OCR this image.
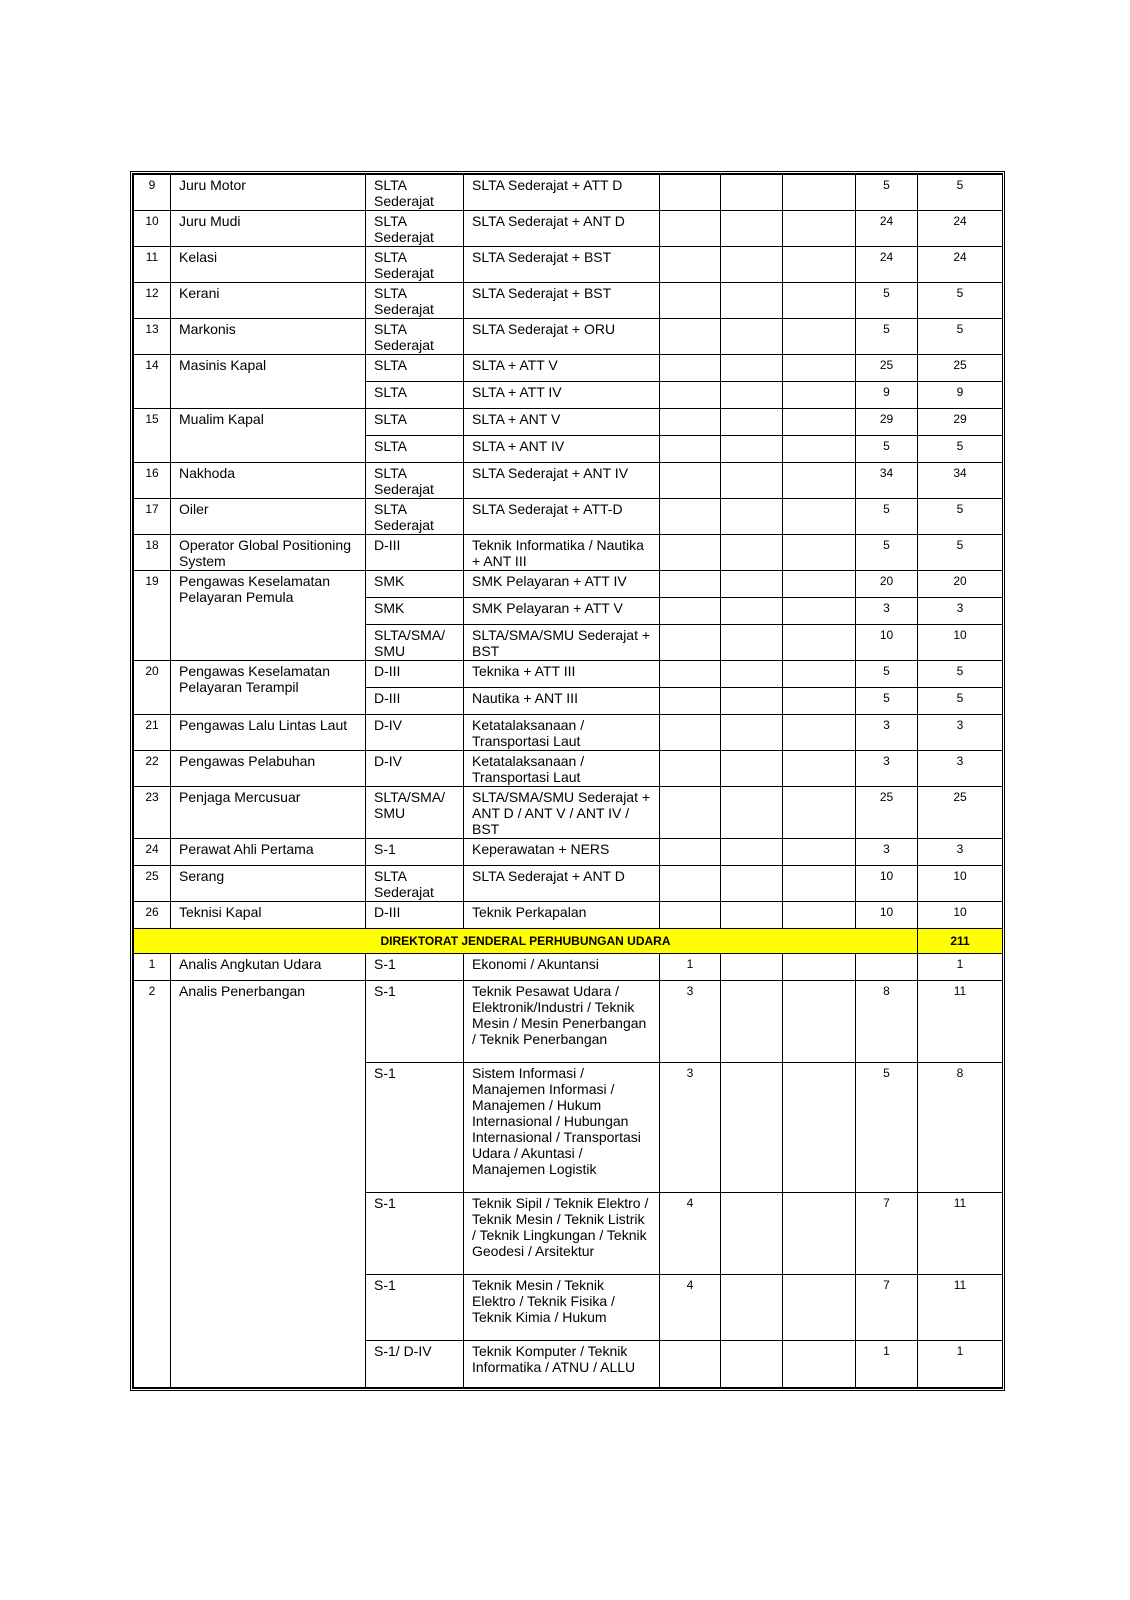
9	Juru Motor	SLTA Sederajat	SLTA Sederajat + ATT D				5	5
10	Juru Mudi	SLTA Sederajat	SLTA Sederajat + ANT D				24	24
11	Kelasi	SLTA Sederajat	SLTA Sederajat + BST				24	24
12	Kerani	SLTA Sederajat	SLTA Sederajat + BST				5	5
13	Markonis	SLTA Sederajat	SLTA Sederajat + ORU				5	5
14	Masinis Kapal	SLTA	SLTA + ATT V				25	25
		SLTA	SLTA + ATT IV				9	9
15	Mualim Kapal	SLTA	SLTA + ANT V				29	29
		SLTA	SLTA + ANT IV				5	5
16	Nakhoda	SLTA Sederajat	SLTA Sederajat + ANT IV				34	34
17	Oiler	SLTA Sederajat	SLTA Sederajat + ATT-D				5	5
18	Operator Global Positioning System	D-III	Teknik Informatika / Nautika + ANT III				5	5
19	Pengawas Keselamatan Pelayaran Pemula	SMK	SMK Pelayaran + ATT IV				20	20
		SMK	SMK Pelayaran + ATT V				3	3
		SLTA/SMA/ SMU	SLTA/SMA/SMU Sederajat + BST				10	10
20	Pengawas Keselamatan Pelayaran Terampil	D-III	Teknika + ATT III				5	5
		D-III	Nautika + ANT III				5	5
21	Pengawas Lalu Lintas Laut	D-IV	Ketatalaksanaan / Transportasi Laut				3	3
22	Pengawas Pelabuhan	D-IV	Ketatalaksanaan / Transportasi Laut				3	3
23	Penjaga Mercusuar	SLTA/SMA/ SMU	SLTA/SMA/SMU Sederajat + ANT D / ANT V / ANT IV / BST				25	25
24	Perawat Ahli Pertama	S-1	Keperawatan + NERS				3	3
25	Serang	SLTA Sederajat	SLTA Sederajat + ANT D				10	10
26	Teknisi Kapal	D-III	Teknik Perkapalan				10	10
DIREKTORAT JENDERAL PERHUBUNGAN UDARA								211
1	Analis Angkutan Udara	S-1	Ekonomi / Akuntansi	1				1
2	Analis Penerbangan	S-1	Teknik Pesawat Udara / Elektronik/Industri / Teknik Mesin / Mesin Penerbangan / Teknik Penerbangan	3			8	11
		S-1	Sistem Informasi / Manajemen Informasi / Manajemen / Hukum Internasional / Hubungan Internasional / Transportasi Udara / Akuntasi / Manajemen Logistik	3			5	8
		S-1	Teknik Sipil / Teknik Elektro / Teknik Mesin / Teknik Listrik / Teknik Lingkungan / Teknik Geodesi / Arsitektur	4			7	11
		S-1	Teknik Mesin / Teknik Elektro / Teknik Fisika / Teknik Kimia / Hukum	4			7	11
		S-1/ D-IV	Teknik Komputer / Teknik Informatika / ATNU / ALLU				1	1
